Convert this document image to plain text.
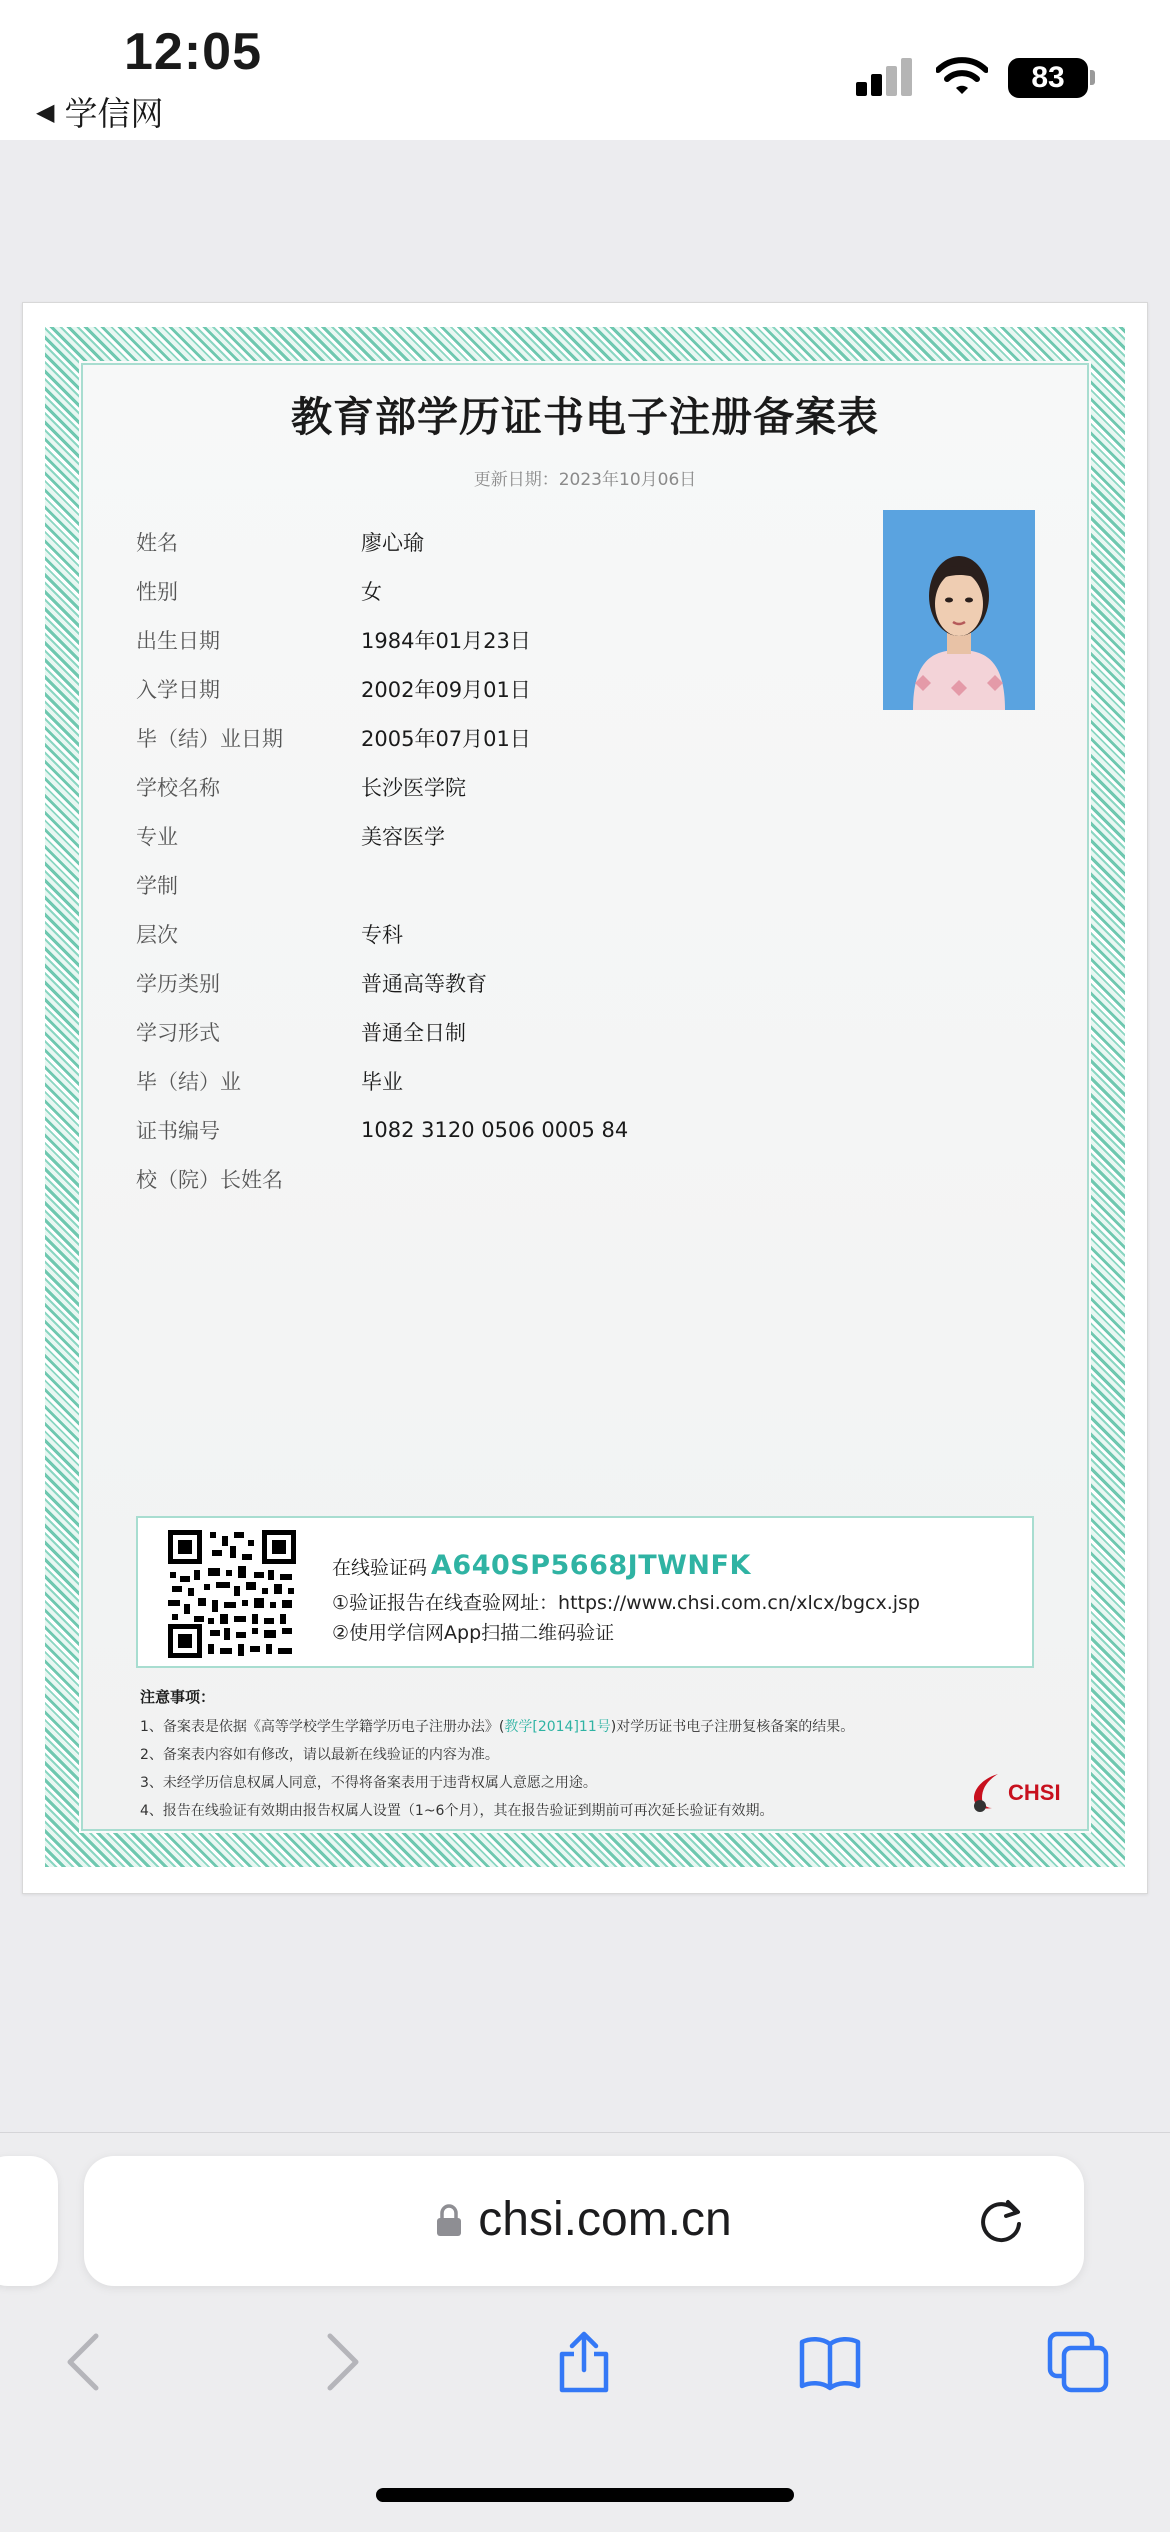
12:05
◀ 学信网
83
教育部学历证书电子注册备案表
更新日期：2023年10月06日
姓名	廖心瑜
性别	女
出生日期	1984年01月23日
入学日期	2002年09月01日
毕（结）业日期	2005年07月01日
学校名称	长沙医学院
专业	美容医学
学制
层次	专科
学历类别	普通高等教育
学习形式	普通全日制
毕（结）业	毕业
证书编号	1082 3120 0506 0005 84
校（院）长姓名
在线验证码 A640SP5668JTWNFK
①验证报告在线查验网址：https://www.chsi.com.cn/xlcx/bgcx.jsp
②使用学信网App扫描二维码验证
注意事项：
1、备案表是依据《高等学校学生学籍学历电子注册办法》(教学[2014]11号)对学历证书电子注册复核备案的结果。
2、备案表内容如有修改，请以最新在线验证的内容为准。
3、未经学历信息权属人同意，不得将备案表用于违背权属人意愿之用途。
4、报告在线验证有效期由报告权属人设置（1~6个月），其在报告验证到期前可再次延长验证有效期。
CHSI
chsi.com.cn
